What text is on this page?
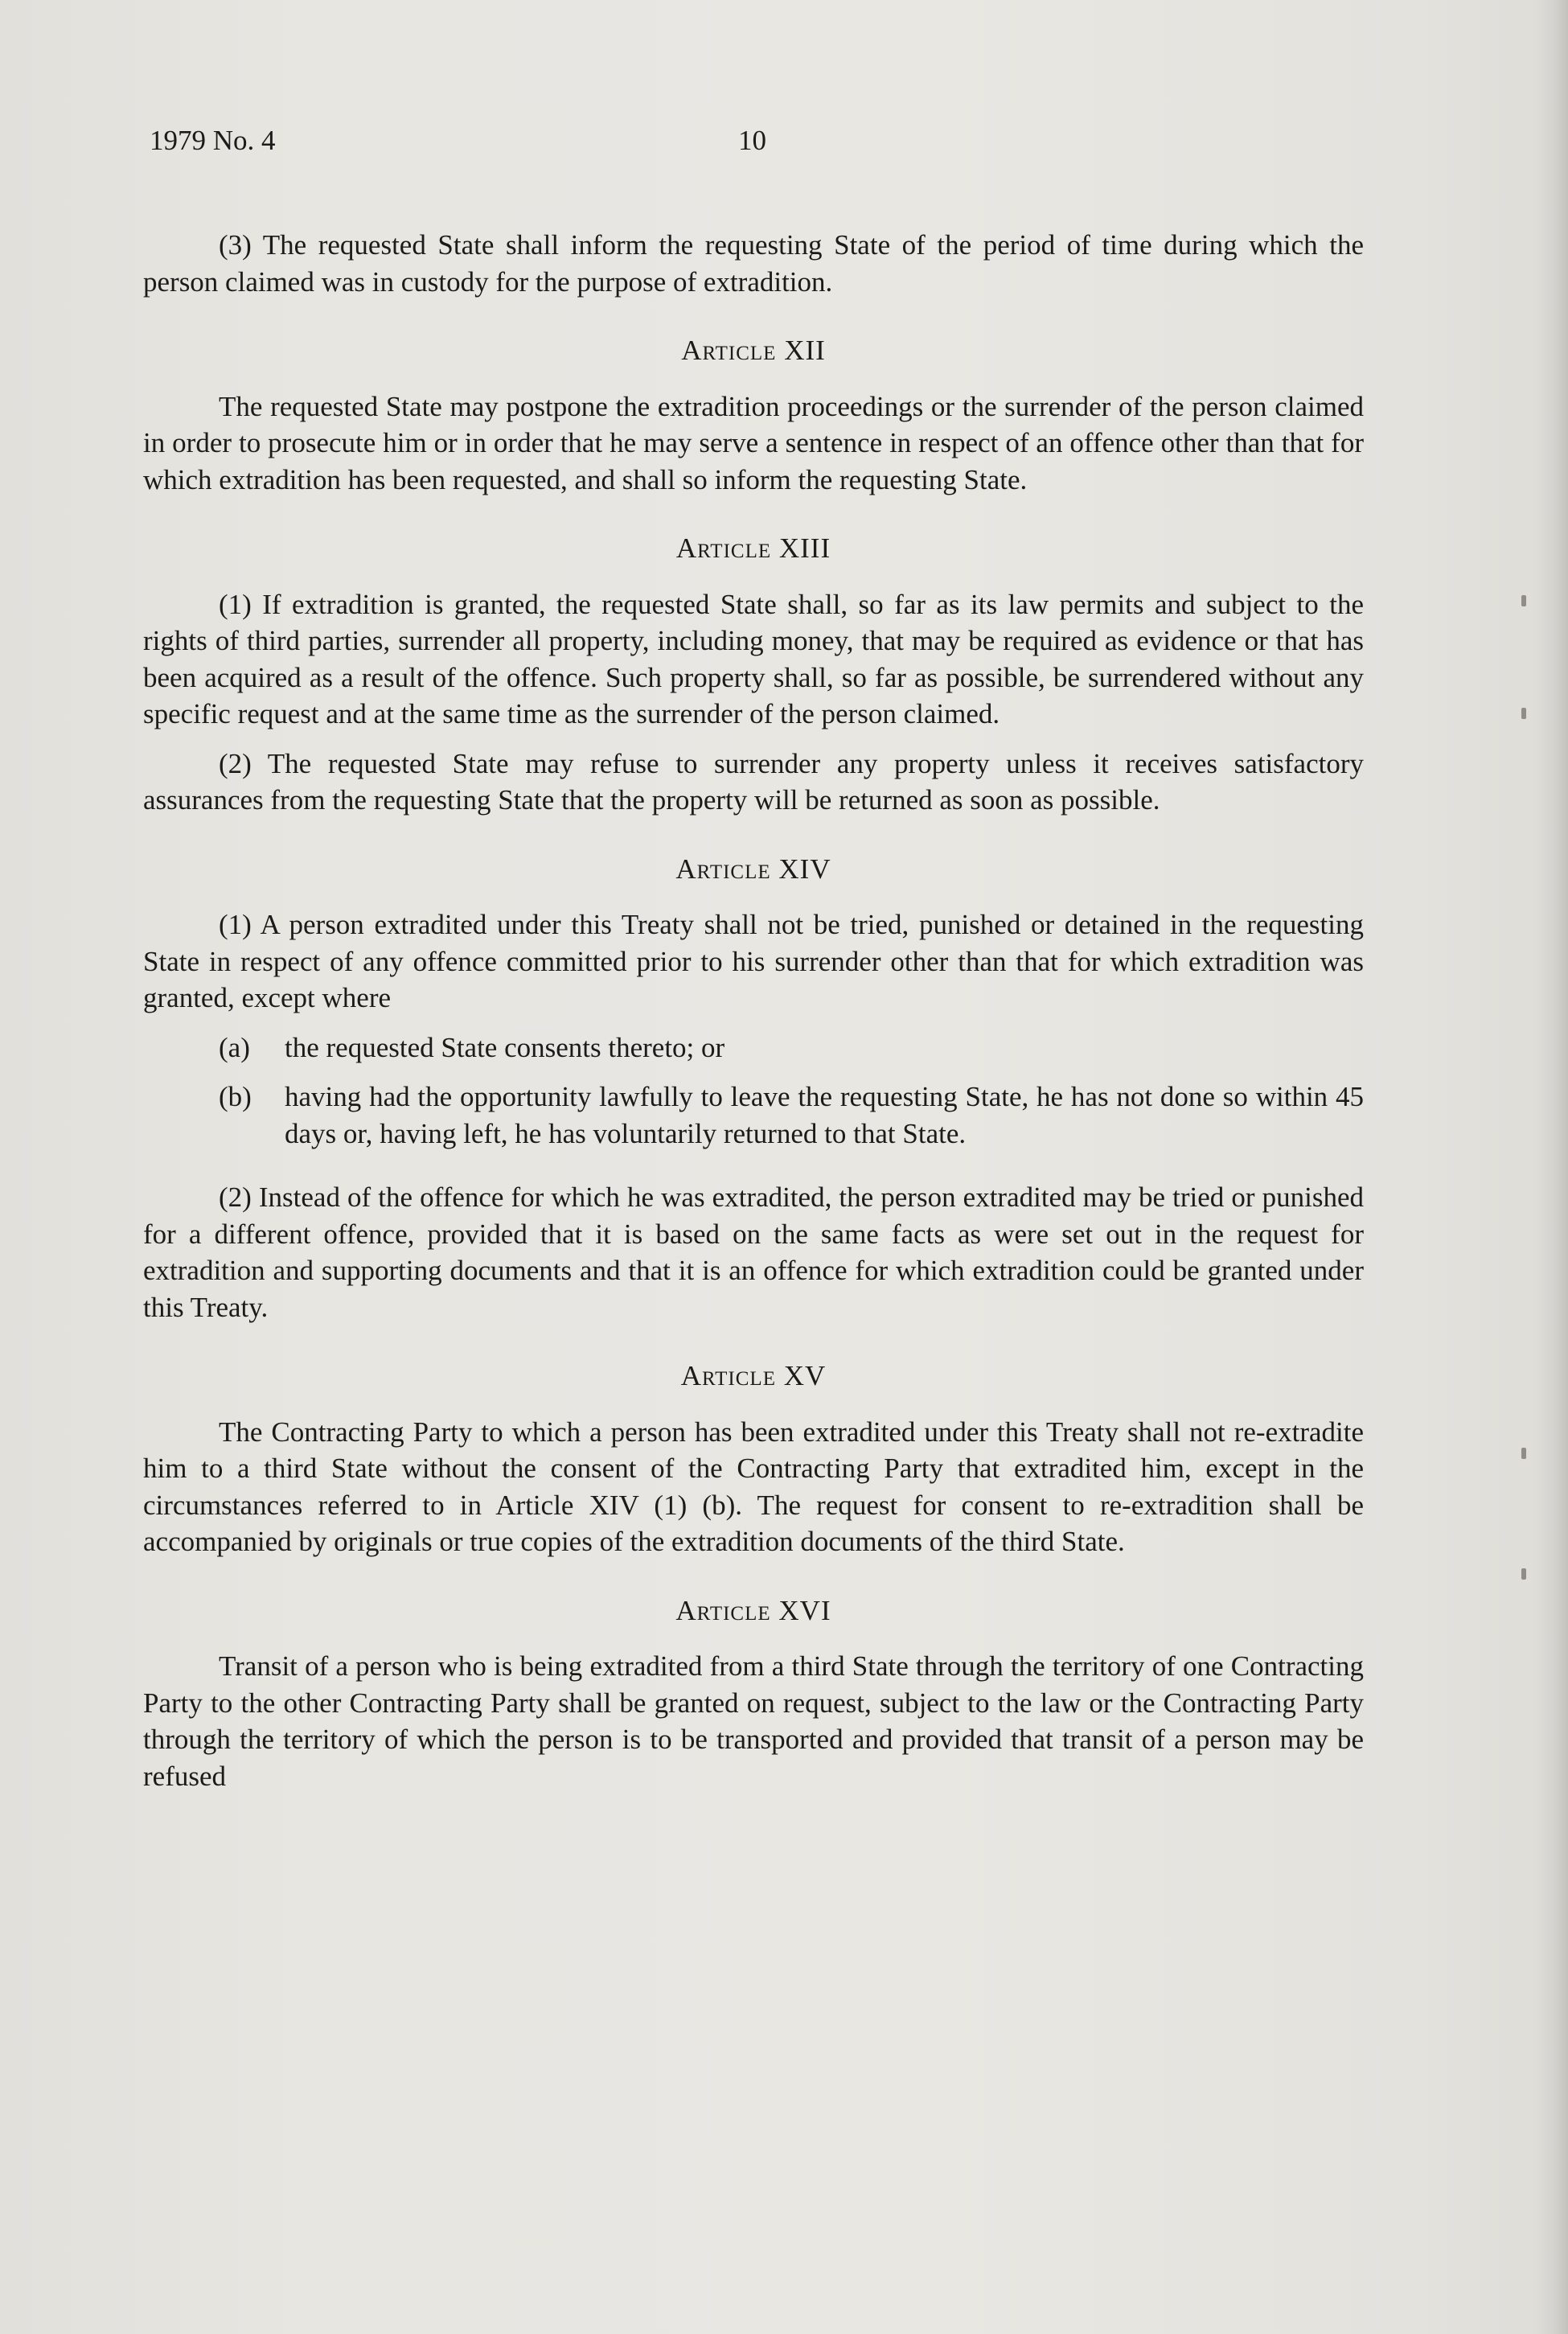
1979 No. 4	10

(3) The requested State shall inform the requesting State of the period of time during which the person claimed was in custody for the purpose of extradition.

Article XII

The requested State may postpone the extradition proceedings or the surrender of the person claimed in order to prosecute him or in order that he may serve a sentence in respect of an offence other than that for which extradition has been requested, and shall so inform the requesting State.

Article XIII

(1) If extradition is granted, the requested State shall, so far as its law permits and subject to the rights of third parties, surrender all property, including money, that may be required as evidence or that has been acquired as a result of the offence. Such property shall, so far as possible, be surrendered without any specific request and at the same time as the surrender of the person claimed.

(2) The requested State may refuse to surrender any property unless it receives satisfactory assurances from the requesting State that the property will be returned as soon as possible.

Article XIV

(1) A person extradited under this Treaty shall not be tried, punished or detained in the requesting State in respect of any offence committed prior to his surrender other than that for which extradition was granted, except where

(a)	the requested State consents thereto; or
(b)	having had the opportunity lawfully to leave the requesting State, he has not done so within 45 days or, having left, he has voluntarily returned to that State.

(2) Instead of the offence for which he was extradited, the person extradited may be tried or punished for a different offence, provided that it is based on the same facts as were set out in the request for extradition and supporting documents and that it is an offence for which extradition could be granted under this Treaty.

Article XV

The Contracting Party to which a person has been extradited under this Treaty shall not re-extradite him to a third State without the consent of the Contracting Party that extradited him, except in the circumstances referred to in Article XIV (1) (b). The request for consent to re-extradition shall be accompanied by originals or true copies of the extradition documents of the third State.

Article XVI

Transit of a person who is being extradited from a third State through the territory of one Contracting Party to the other Contracting Party shall be granted on request, subject to the law or the Contracting Party through the territory of which the person is to be transported and provided that transit of a person may be refused
